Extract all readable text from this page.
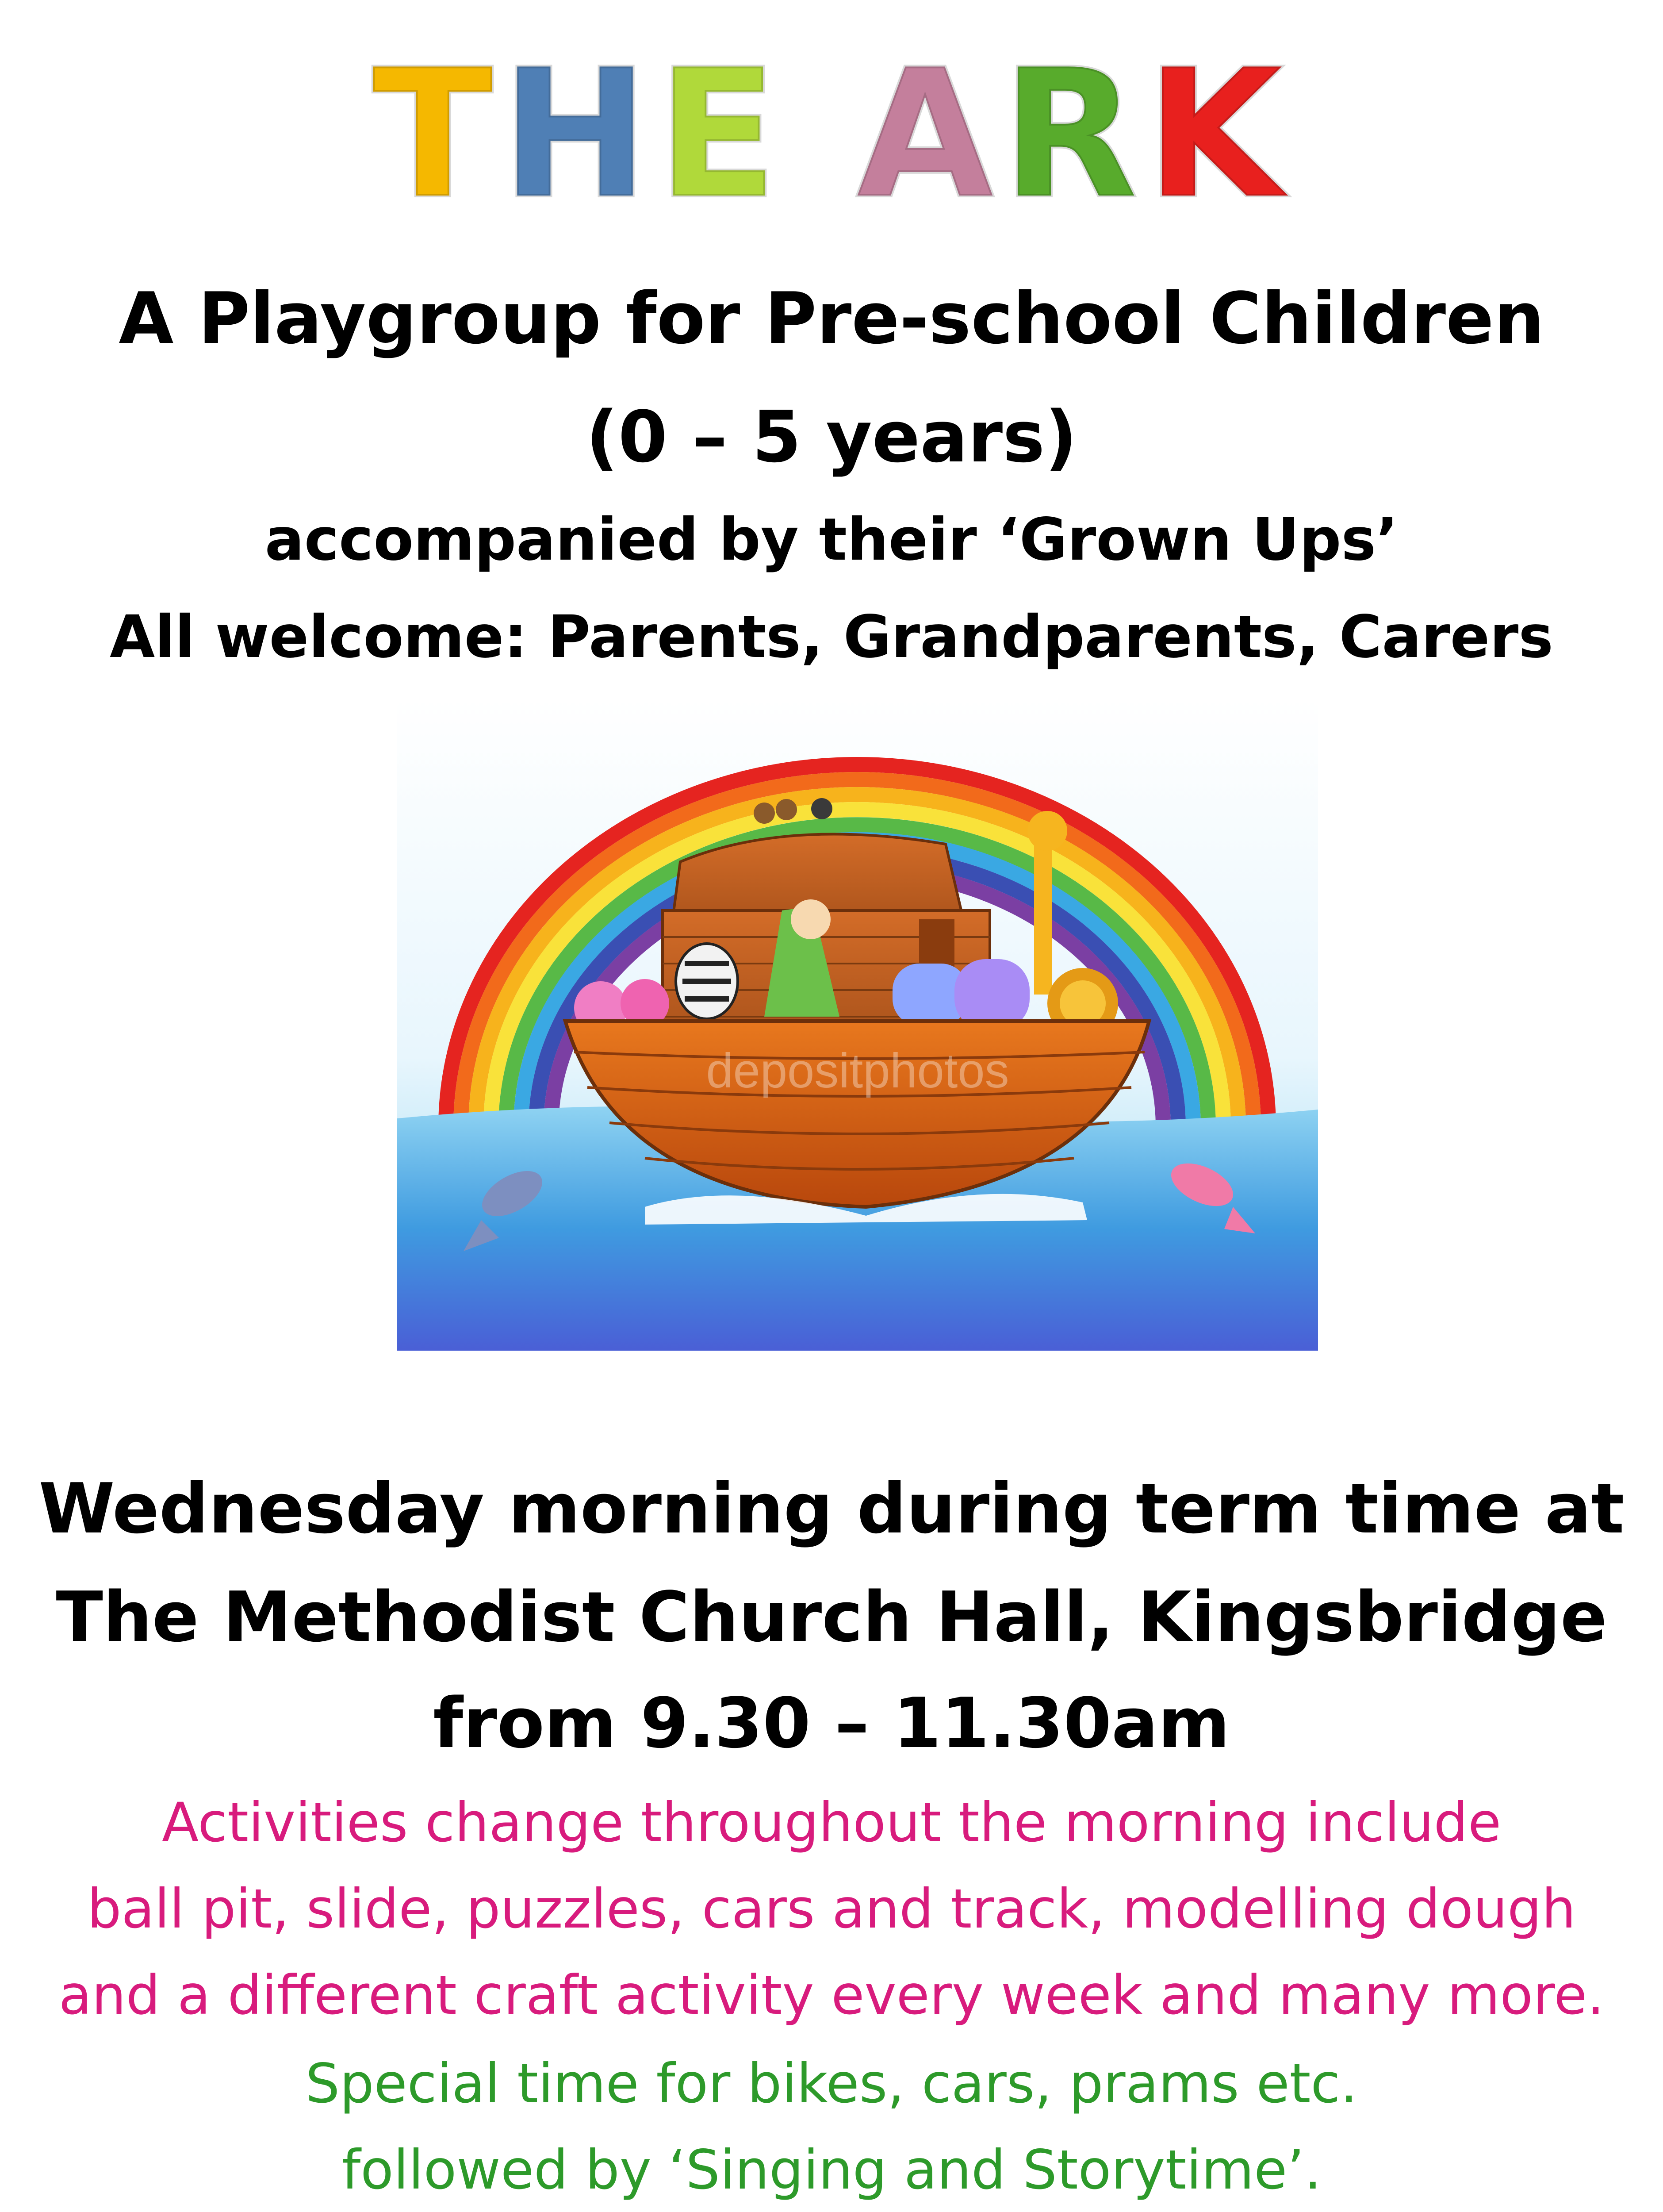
THE ARK
A Playgroup for Pre-school Children
(0 – 5 years)
accompanied by their ‘Grown Ups’
All welcome: Parents, Grandparents, Carers
depositphotos
Wednesday morning during term time at
The Methodist Church Hall, Kingsbridge
from 9.30 – 11.30am
Activities change throughout the morning include
ball pit, slide, puzzles, cars and track, modelling dough
and a different craft activity every week and many more.
Special time for bikes, cars, prams etc.
followed by ‘Singing and Storytime’.
